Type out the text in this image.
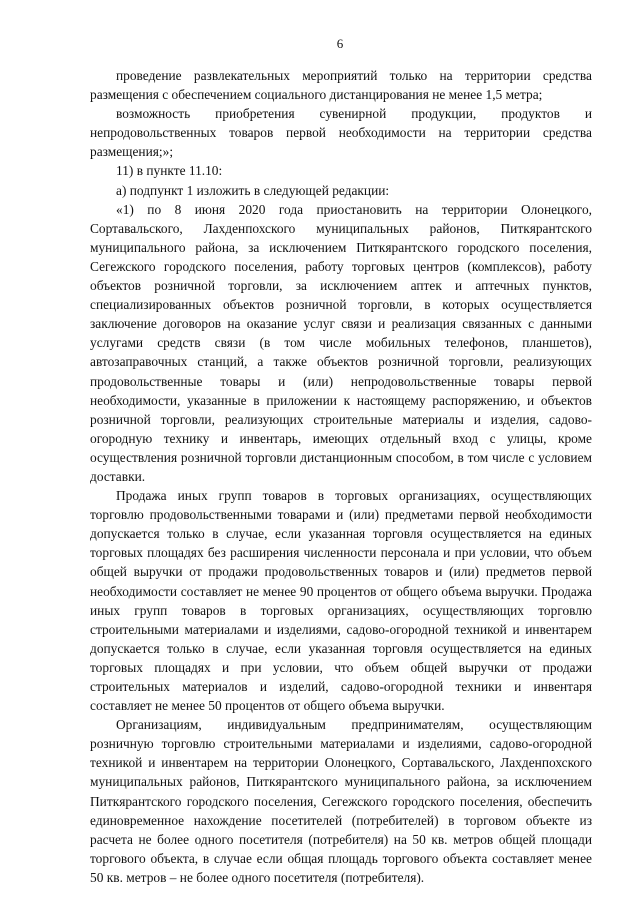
6

проведение развлекательных мероприятий только на территории средства размещения с обеспечением социального дистанцирования не менее 1,5 метра;

возможность приобретения сувенирной продукции, продуктов и непродовольственных товаров первой необходимости на территории средства размещения;»;

11) в пункте 11.10:

а) подпункт 1 изложить в следующей редакции:

«1) по 8 июня 2020 года приостановить на территории Олонецкого, Сортавальского, Лахденпохского муниципальных районов, Питкярантского муниципального района, за исключением Питкярантского городского поселения, Сегежского городского поселения, работу торговых центров (комплексов), работу объектов розничной торговли, за исключением аптек и аптечных пунктов, специализированных объектов розничной торговли, в которых осуществляется заключение договоров на оказание услуг связи и реализация связанных с данными услугами средств связи (в том числе мобильных телефонов, планшетов), автозаправочных станций, а также объектов розничной торговли, реализующих продовольственные товары и (или) непродовольственные товары первой необходимости, указанные в приложении к настоящему распоряжению, и объектов розничной торговли, реализующих строительные материалы и изделия, садово-огородную технику и инвентарь, имеющих отдельный вход с улицы, кроме осуществления розничной торговли дистанционным способом, в том числе с условием доставки.

Продажа иных групп товаров в торговых организациях, осуществляющих торговлю продовольственными товарами и (или) предметами первой необходимости допускается только в случае, если указанная торговля осуществляется на единых торговых площадях без расширения численности персонала и при условии, что объем общей выручки от продажи продовольственных товаров и (или) предметов первой необходимости составляет не менее 90 процентов от общего объема выручки. Продажа иных групп товаров в торговых организациях, осуществляющих торговлю строительными материалами и изделиями, садово-огородной техникой и инвентарем допускается только в случае, если указанная торговля осуществляется на единых торговых площадях и при условии, что объем общей выручки от продажи строительных материалов и изделий, садово-огородной техники и инвентаря составляет не менее 50 процентов от общего объема выручки.

Организациям, индивидуальным предпринимателям, осуществляющим розничную торговлю строительными материалами и изделиями, садово-огородной техникой и инвентарем на территории Олонецкого, Сортавальского, Лахденпохского муниципальных районов, Питкярантского муниципального района, за исключением Питкярантского городского поселения, Сегежского городского поселения, обеспечить единовременное нахождение посетителей (потребителей) в торговом объекте из расчета не более одного посетителя (потребителя) на 50 кв. метров общей площади торгового объекта, в случае если общая площадь торгового объекта составляет менее 50 кв. метров – не более одного посетителя (потребителя).
